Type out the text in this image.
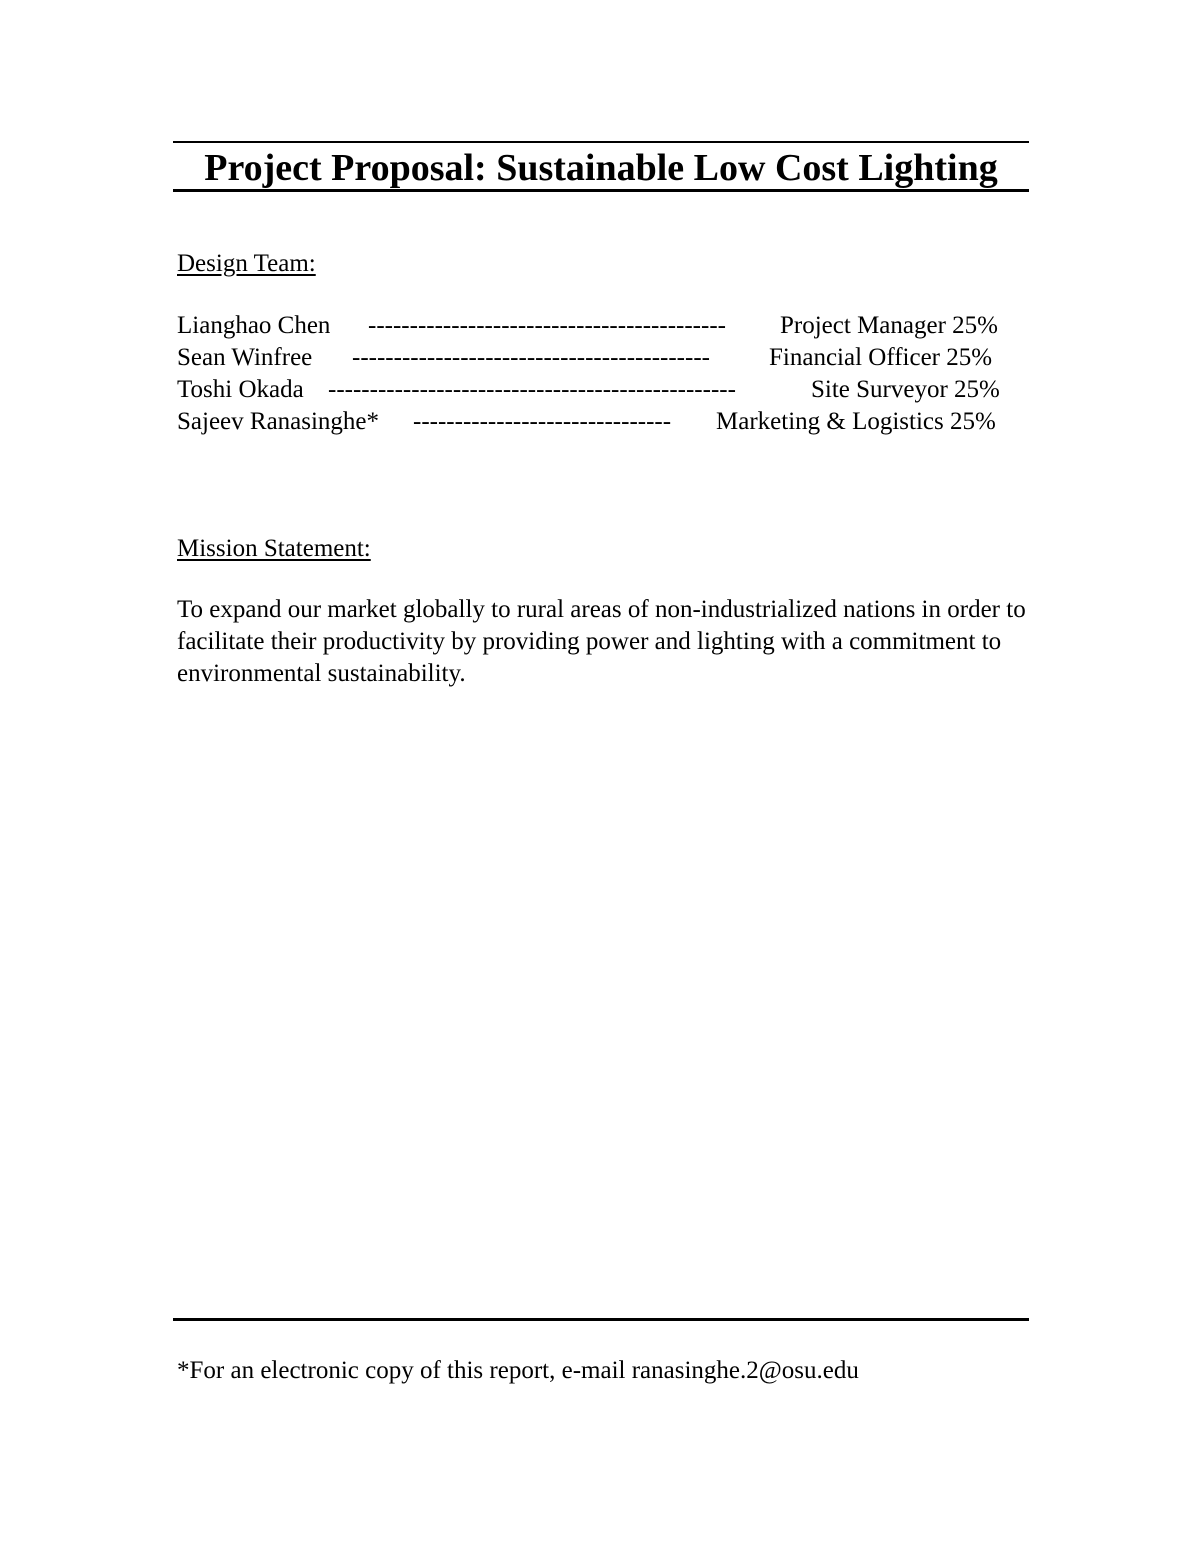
Project Proposal: Sustainable Low Cost Lighting
Design Team:
Lianghao Chen ------------------------------------------- Project Manager 25%
Sean Winfree ------------------------------------------- Financial Officer 25%
Toshi Okada -------------------------------------------------	Site Surveyor 25%
Sajeev Ranasinghe* ------------------------------- Marketing & Logistics 25%
Mission Statement:
To expand our market globally to rural areas of non-industrialized nations in order to facilitate their productivity by providing power and lighting with a commitment to environmental sustainability.
*For an electronic copy of this report, e-mail ranasinghe.2@osu.edu
